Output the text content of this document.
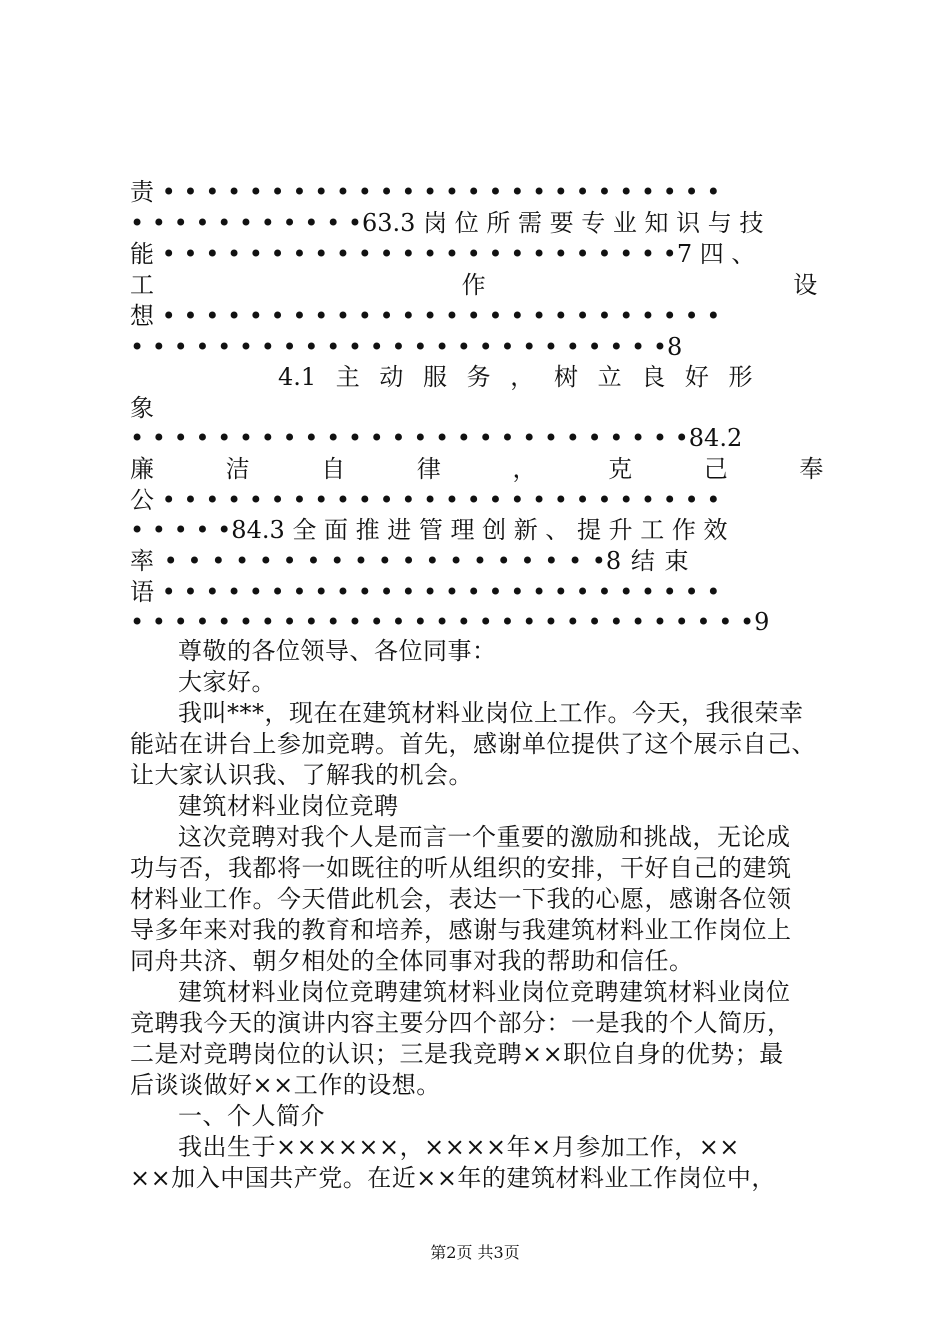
责 • • • • • • • • • • • • • • • • • • • • • • • • • •
• • • • • • • • • • •63.3 岗 位 所 需 要 专 业 知 识 与 技
能 • • • • • • • • • • • • • • • • • • • • • • • •7 四 、
工 作 设
想 • • • • • • • • • • • • • • • • • • • • • • • • • •
• • • • • • • • • • • • • • • • • • • • • • • • •8
4.1 主 动 服 务 ， 树 立 良 好 形
象
• • • • • • • • • • • • • • • • • • • • • • • • • •84.2
廉 洁 自 律 ， 克 己 奉
公 • • • • • • • • • • • • • • • • • • • • • • • • • •
• • • • •84.3 全 面 推 进 管 理 创 新 、 提 升 工 作 效
率 • • • • • • • • • • • • • • • • • • •8 结 束
语 • • • • • • • • • • • • • • • • • • • • • • • • • •
• • • • • • • • • • • • • • • • • • • • • • • • • • • • •9
尊敬的各位领导、各位同事：
大家好。
我叫***，现在在建筑材料业岗位上工作。今天，我很荣幸
能站在讲台上参加竞聘。首先，感谢单位提供了这个展示自己、
让大家认识我、了解我的机会。
建筑材料业岗位竞聘
这次竞聘对我个人是而言一个重要的激励和挑战，无论成
功与否，我都将一如既往的听从组织的安排，干好自己的建筑
材料业工作。今天借此机会，表达一下我的心愿，感谢各位领
导多年来对我的教育和培养，感谢与我建筑材料业工作岗位上
同舟共济、朝夕相处的全体同事对我的帮助和信任。
建筑材料业岗位竞聘建筑材料业岗位竞聘建筑材料业岗位
竞聘我今天的演讲内容主要分四个部分：一是我的个人简历，
二是对竞聘岗位的认识；三是我竞聘××职位自身的优势；最
后谈谈做好××工作的设想。
一、个人简介
我出生于××××××，××××年×月参加工作，××
××加入中国共产党。在近××年的建筑材料业工作岗位中，
第2页 共3页
